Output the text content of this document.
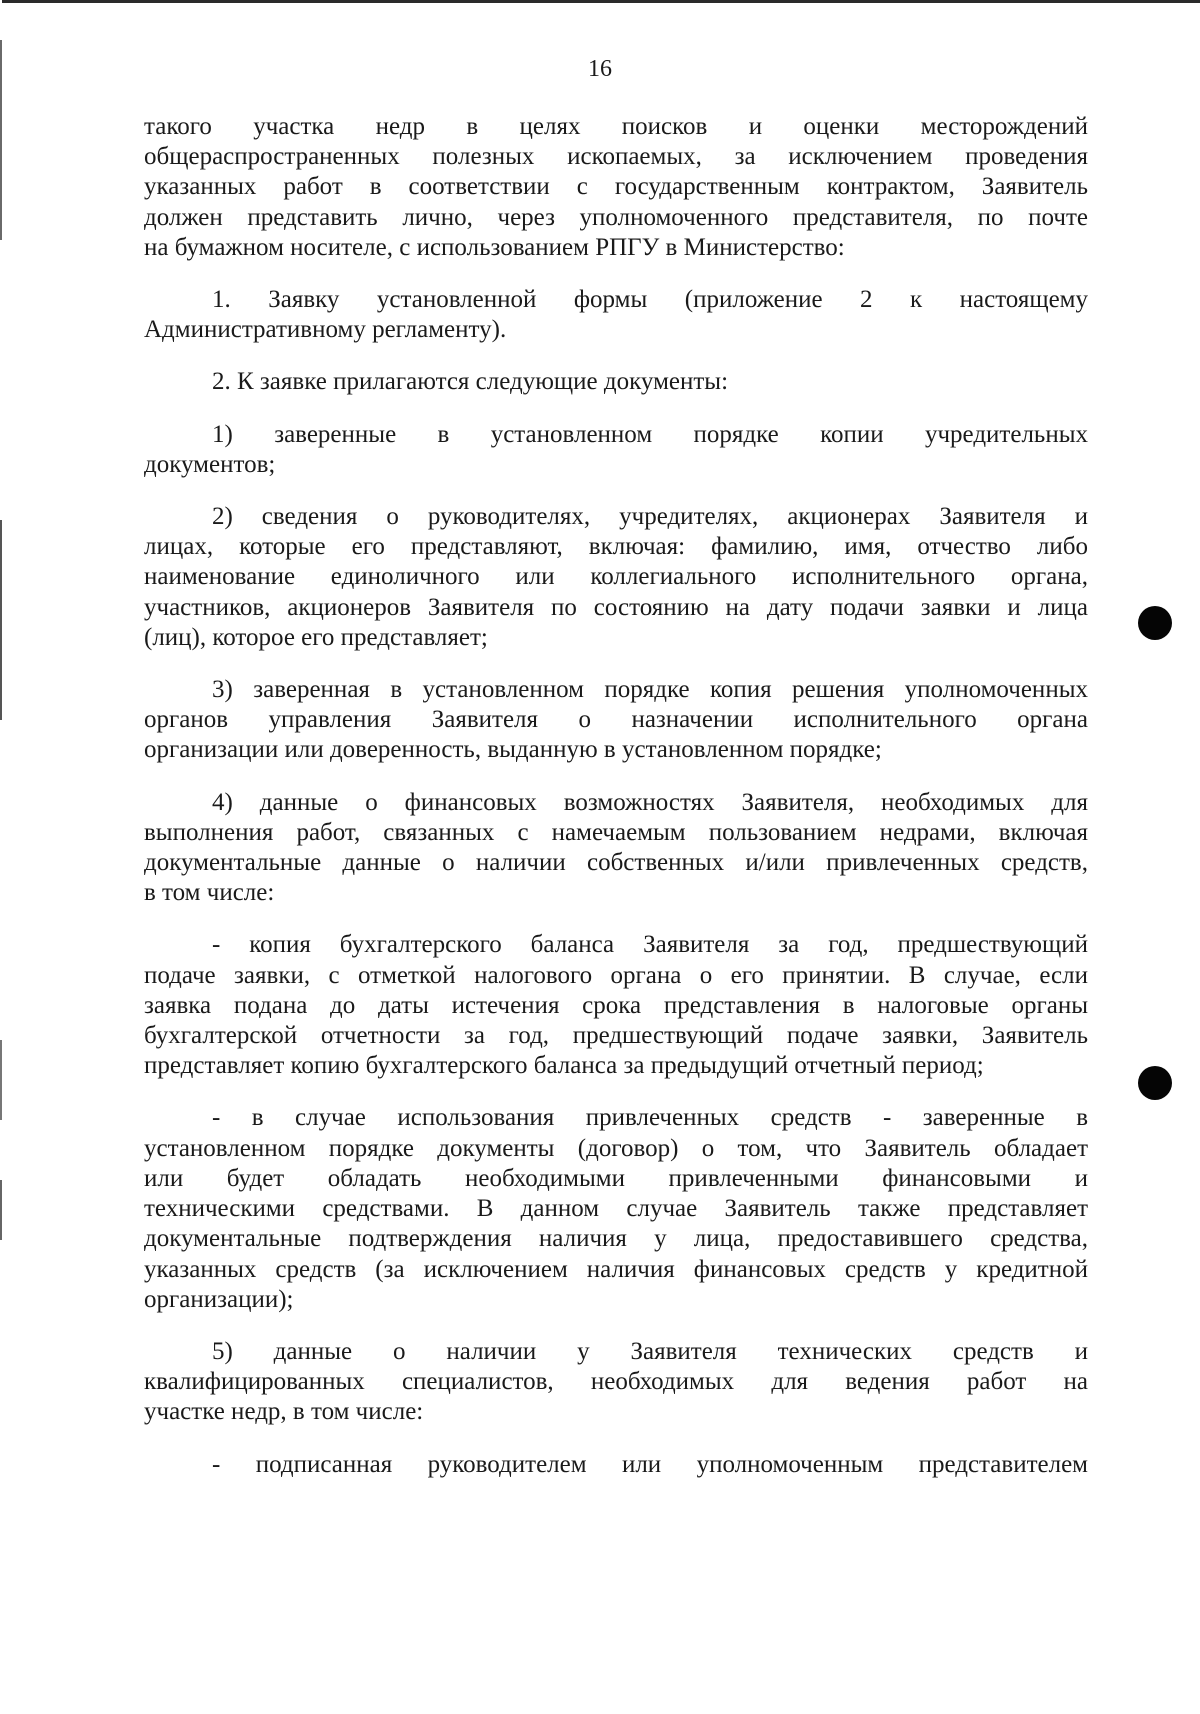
16
такого участка недр в целях поисков и оценки месторождений
общераспространенных полезных ископаемых, за исключением проведения
указанных работ в соответствии с государственным контрактом, Заявитель
должен представить лично, через уполномоченного представителя, по почте
на бумажном носителе, с использованием РПГУ в Министерство:
1. Заявку установленной формы (приложение 2 к настоящему
Административному регламенту).
2. К заявке прилагаются следующие документы:
1) заверенные в установленном порядке копии учредительных
документов;
2) сведения о руководителях, учредителях, акционерах Заявителя и
лицах, которые его представляют, включая: фамилию, имя, отчество либо
наименование единоличного или коллегиального исполнительного органа,
участников, акционеров Заявителя по состоянию на дату подачи заявки и лица
(лиц), которое его представляет;
3) заверенная в установленном порядке копия решения уполномоченных
органов управления Заявителя о назначении исполнительного органа
организации или доверенность, выданную в установленном порядке;
4) данные о финансовых возможностях Заявителя, необходимых для
выполнения работ, связанных с намечаемым пользованием недрами, включая
документальные данные о наличии собственных и/или привлеченных средств,
в том числе:
- копия бухгалтерского баланса Заявителя за год, предшествующий
подаче заявки, с отметкой налогового органа о его принятии. В случае, если
заявка подана до даты истечения срока представления в налоговые органы
бухгалтерской отчетности за год, предшествующий подаче заявки, Заявитель
представляет копию бухгалтерского баланса за предыдущий отчетный период;
- в случае использования привлеченных средств - заверенные в
установленном порядке документы (договор) о том, что Заявитель обладает
или будет обладать необходимыми привлеченными финансовыми и
техническими средствами. В данном случае Заявитель также представляет
документальные подтверждения наличия у лица, предоставившего средства,
указанных средств (за исключением наличия финансовых средств у кредитной
организации);
5) данные о наличии у Заявителя технических средств и
квалифицированных специалистов, необходимых для ведения работ на
участке недр, в том числе:
- подписанная руководителем или уполномоченным представителем
